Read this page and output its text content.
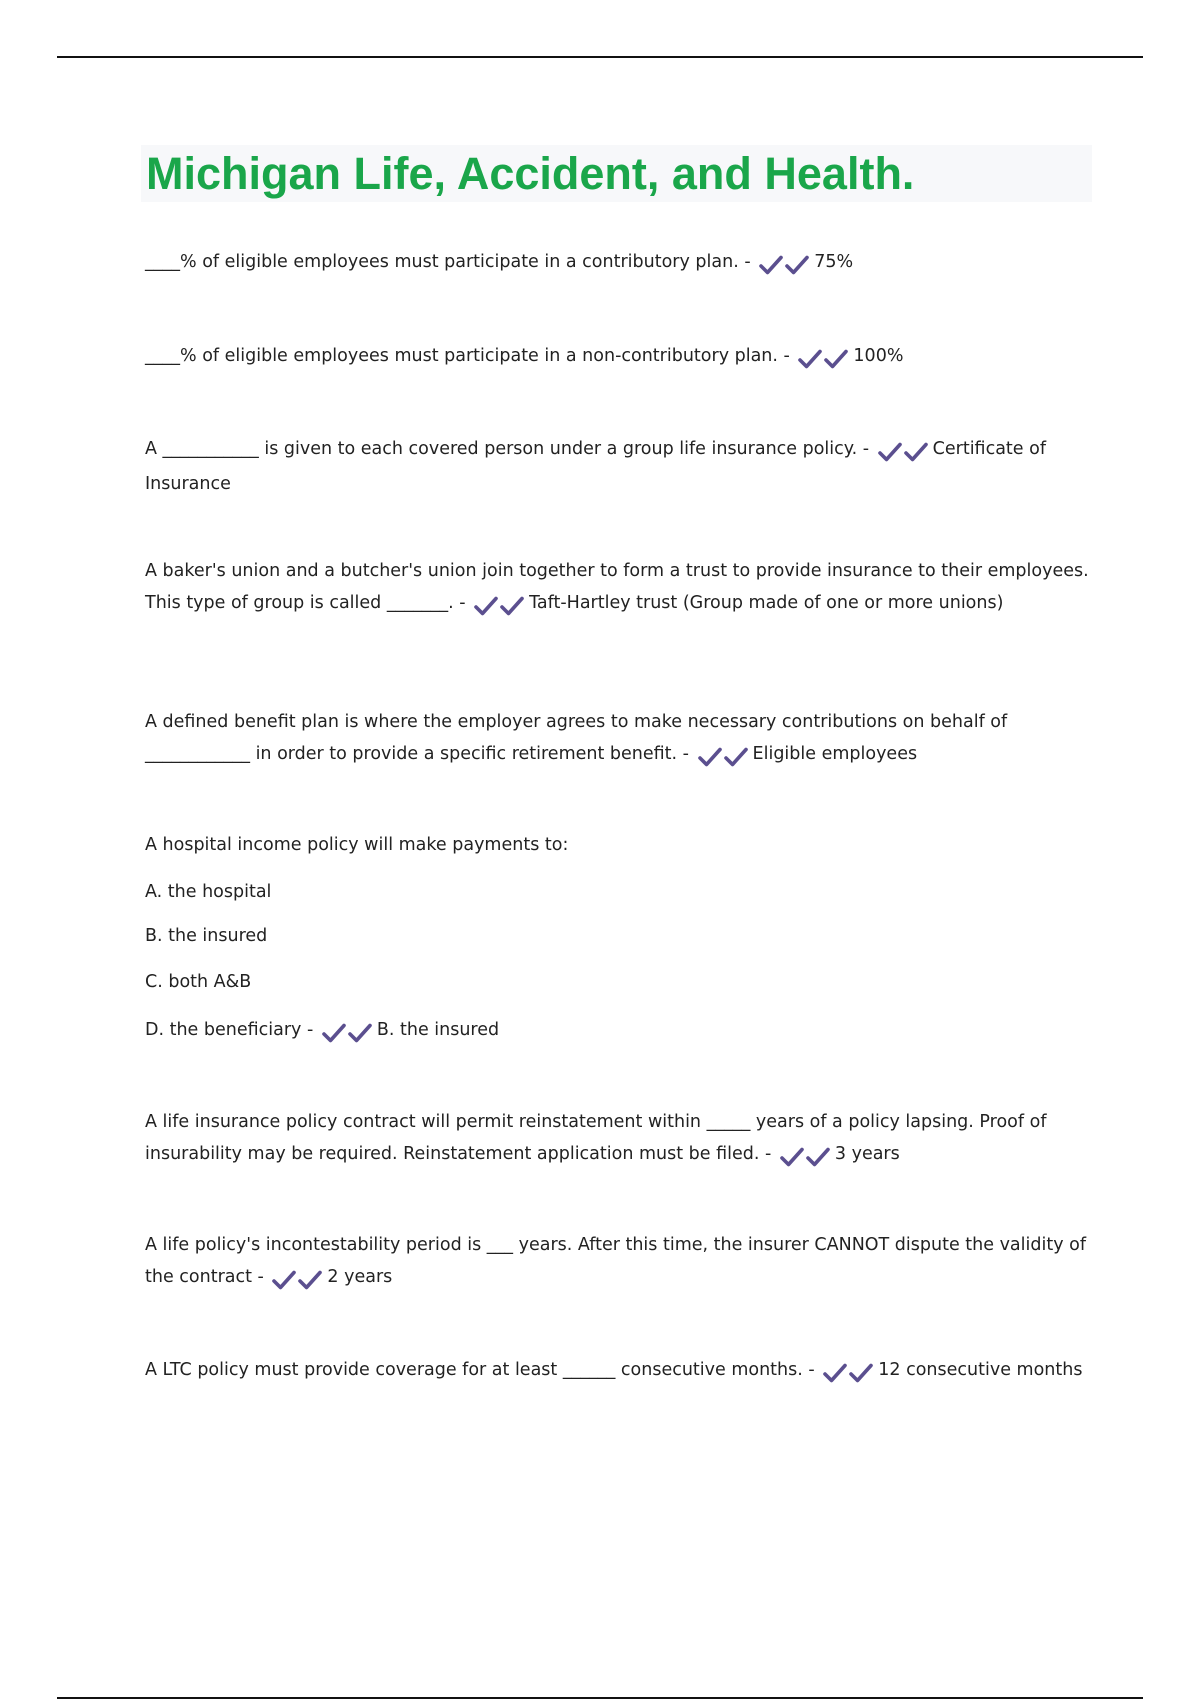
Michigan Life, Accident, and Health.

____% of eligible employees must participate in a contributory plan. -	75%

____% of eligible employees must participate in a non-contributory plan. -	100%

A ___________ is given to each covered person under a group life insurance policy. -	Certificate of Insurance

A baker's union and a butcher's union join together to form a trust to provide insurance to their employees. This type of group is called _______. -	Taft-Hartley trust (Group made of one or more unions)

A defined benefit plan is where the employer agrees to make necessary contributions on behalf of ____________ in order to provide a specific retirement benefit. -	Eligible employees

A hospital income policy will make payments to:

A. the hospital

B. the insured

C. both A&B

D. the beneficiary -	B. the insured

A life insurance policy contract will permit reinstatement within _____ years of a policy lapsing. Proof of insurability may be required. Reinstatement application must be filed. -	3 years

A life policy's incontestability period is ___ years. After this time, the insurer CANNOT dispute the validity of the contract -	2 years

A LTC policy must provide coverage for at least ______ consecutive months. -	12 consecutive months
